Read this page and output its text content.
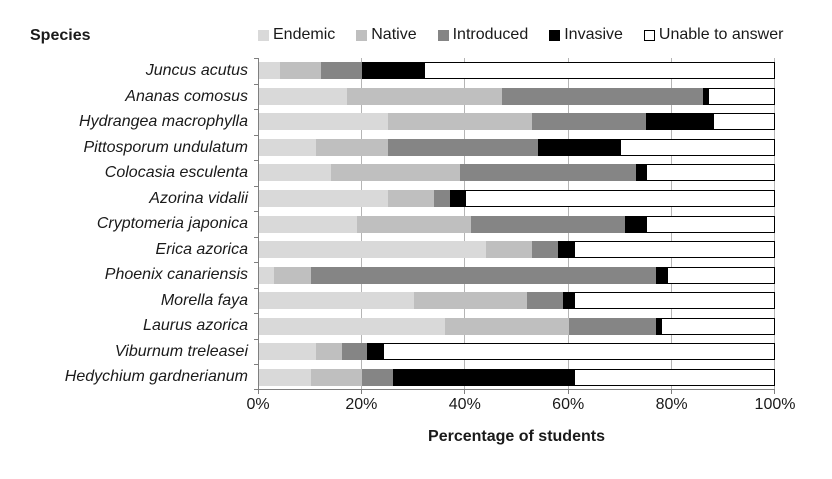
Species	Endemic Native Introduced Invasive Unable to answer
Juncus acutus
Ananas comosus
Hydrangea macrophylla
Pittosporum undulatum
Colocasia esculenta
Azorina vidalii
Cryptomeria japonica
Erica azorica
Phoenix canariensis
Morella faya
Laurus azorica
Viburnum treleasei
Hedychium gardnerianum
0%	20%	40%	60%	80%	100%
Percentage of students
